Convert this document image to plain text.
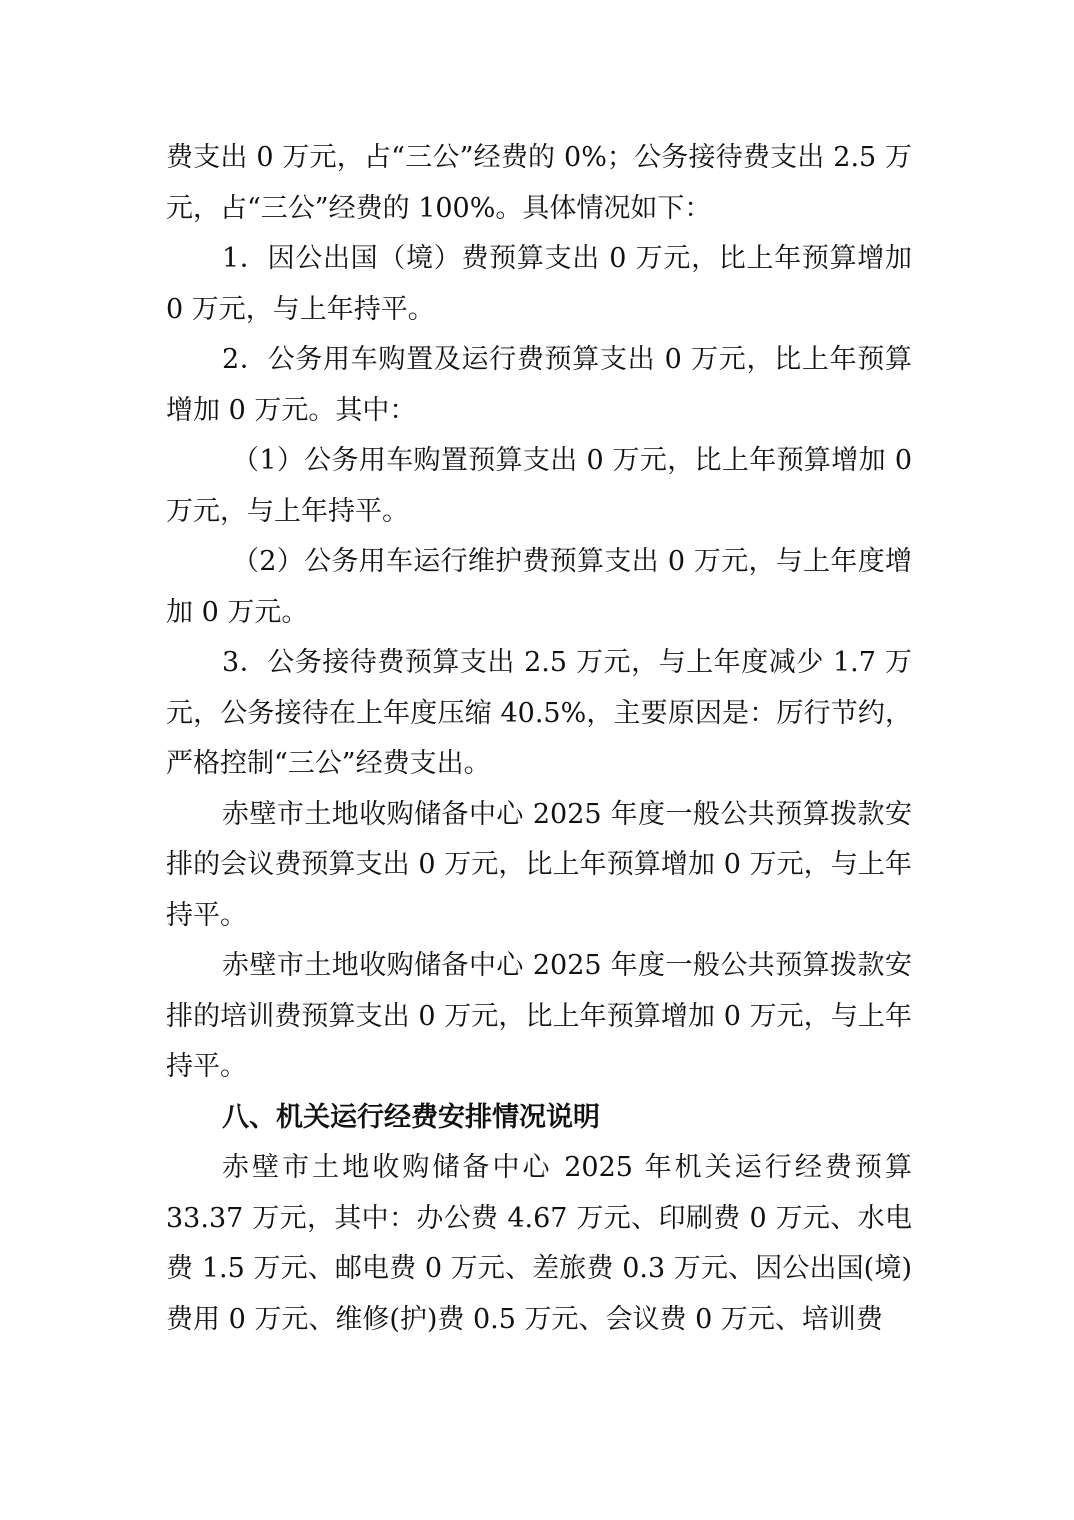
费支出 0 万元，占“三公”经费的 0%；公务接待费支出 2.5 万元，占“三公”经费的 100%。具体情况如下：

1．因公出国（境）费预算支出 0 万元，比上年预算增加 0 万元，与上年持平。

2．公务用车购置及运行费预算支出 0 万元，比上年预算增加 0 万元。其中：

（1）公务用车购置预算支出 0 万元，比上年预算增加 0 万元，与上年持平。

（2）公务用车运行维护费预算支出 0 万元，与上年度增加 0 万元。

3．公务接待费预算支出 2.5 万元，与上年度减少 1.7 万元，公务接待在上年度压缩 40.5%，主要原因是：厉行节约，严格控制“三公”经费支出。

赤壁市土地收购储备中心 2025 年度一般公共预算拨款安排的会议费预算支出 0 万元，比上年预算增加 0 万元，与上年持平。

赤壁市土地收购储备中心 2025 年度一般公共预算拨款安排的培训费预算支出 0 万元，比上年预算增加 0 万元，与上年持平。

八、机关运行经费安排情况说明

赤壁市土地收购储备中心 2025 年机关运行经费预算 33.37 万元，其中：办公费 4.67 万元、印刷费 0 万元、水电费 1.5 万元、邮电费 0 万元、差旅费 0.3 万元、因公出国(境)费用 0 万元、维修(护)费 0.5 万元、会议费 0 万元、培训费
